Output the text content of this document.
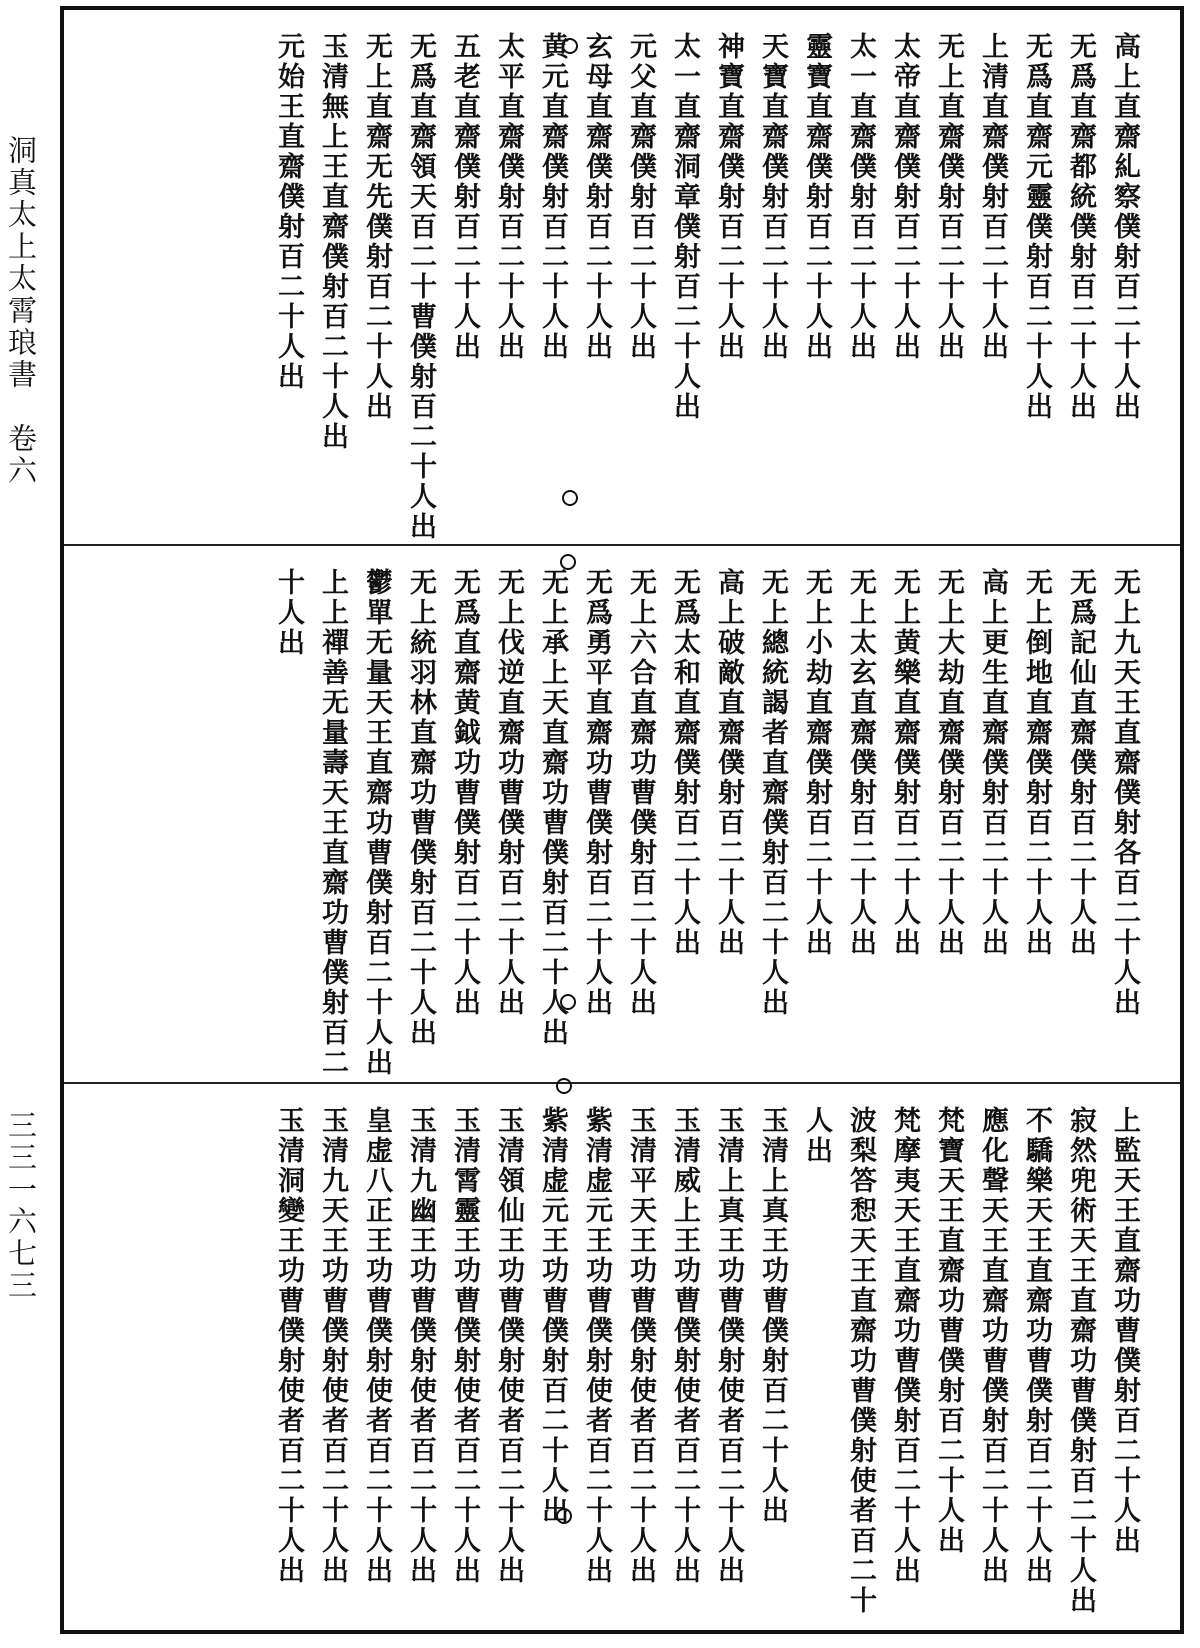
洞真太上太霄琅書　卷六
三三一六七三
高上直齋糺察僕射百二十人出
无爲直齋都統僕射百二十人出
无爲直齋元靈僕射百二十人出
上清直齋僕射百二十人出
无上直齋僕射百二十人出
太帝直齋僕射百二十人出
太一直齋僕射百二十人出
靈寶直齋僕射百二十人出
天寶直齋僕射百二十人出
神寶直齋僕射百二十人出
太一直齋洞章僕射百二十人出
元父直齋僕射百二十人出
玄母直齋僕射百二十人出
黄元直齋僕射百二十人出
太平直齋僕射百二十人出
五老直齋僕射百二十人出
无爲直齋領天百二十曹僕射百二十人出
无上直齋无先僕射百二十人出
玉清無上王直齋僕射百二十人出
元始王直齋僕射百二十人出
无上九天王直齋僕射各百二十人出
无爲記仙直齋僕射百二十人出
无上倒地直齋僕射百二十人出
高上更生直齋僕射百二十人出
无上大劫直齋僕射百二十人出
无上黄樂直齋僕射百二十人出
无上太玄直齋僕射百二十人出
无上小劫直齋僕射百二十人出
无上總統謁者直齋僕射百二十人出
高上破敵直齋僕射百二十人出
无爲太和直齋僕射百二十人出
无上六合直齋功曹僕射百二十人出
无爲勇平直齋功曹僕射百二十人出
无上承上天直齋功曹僕射百二十人出
无上伐逆直齋功曹僕射百二十人出
无爲直齋黄鉞功曹僕射百二十人出
无上統羽林直齋功曹僕射百二十人出
鬱單无量天王直齋功曹僕射百二十人出
上上禪善无量壽天王直齋功曹僕射百二
十人出
上監天王直齋功曹僕射百二十人出
寂然兜術天王直齋功曹僕射百二十人出
不驕樂天王直齋功曹僕射百二十人出
應化聲天王直齋功曹僕射百二十人出
梵寶天王直齋功曹僕射百二十人出
梵摩夷天王直齋功曹僕射百二十人出
波梨答惒天王直齋功曹僕射使者百二十
人出
玉清上真王功曹僕射百二十人出
玉清上真王功曹僕射使者百二十人出
玉清威上王功曹僕射使者百二十人出
玉清平天王功曹僕射使者百二十人出
紫清虚元王功曹僕射使者百二十人出
紫清虚元王功曹僕射百二十人出
玉清領仙王功曹僕射使者百二十人出
玉清霄靈王功曹僕射使者百二十人出
玉清九幽王功曹僕射使者百二十人出
皇虚八正王功曹僕射使者百二十人出
玉清九天王功曹僕射使者百二十人出
玉清洞變王功曹僕射使者百二十人出
